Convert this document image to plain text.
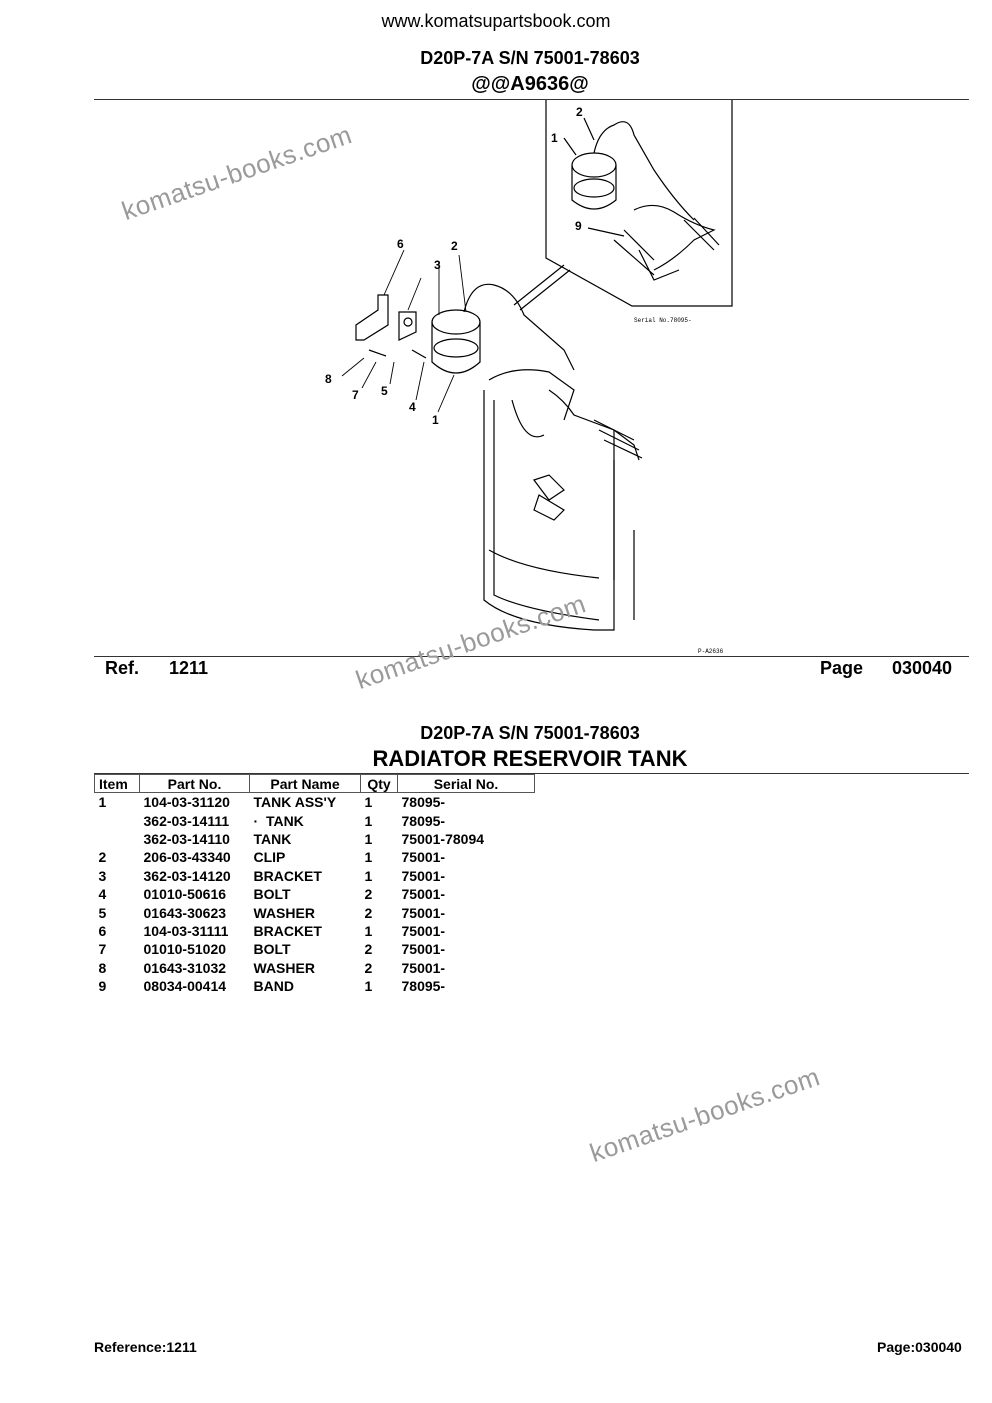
www.komatsupartsbook.com
D20P-7A S/N 75001-78603
@@A9636@
6	2
3
8
7 5
4
1
1
2
9
Serial No.78095-
P-A2636
Ref. 1211	Page 030040
D20P-7A S/N 75001-78603
RADIATOR RESERVOIR TANK
Item	Part No.	Part Name	Qty	Serial No.
1	104-03-31120	TANK ASS'Y	1	78095-
	362-03-14111	·  TANK	1	78095-
	362-03-14110	TANK	1	75001-78094
2	206-03-43340	CLIP	1	75001-
3	362-03-14120	BRACKET	1	75001-
4	01010-50616	BOLT	2	75001-
5	01643-30623	WASHER	2	75001-
6	104-03-31111	BRACKET	1	75001-
7	01010-51020	BOLT	2	75001-
8	01643-31032	WASHER	2	75001-
9	08034-00414	BAND	1	78095-
komatsu-books.com
komatsu-books.com
komatsu-books.com
Reference:1211	Page:030040
